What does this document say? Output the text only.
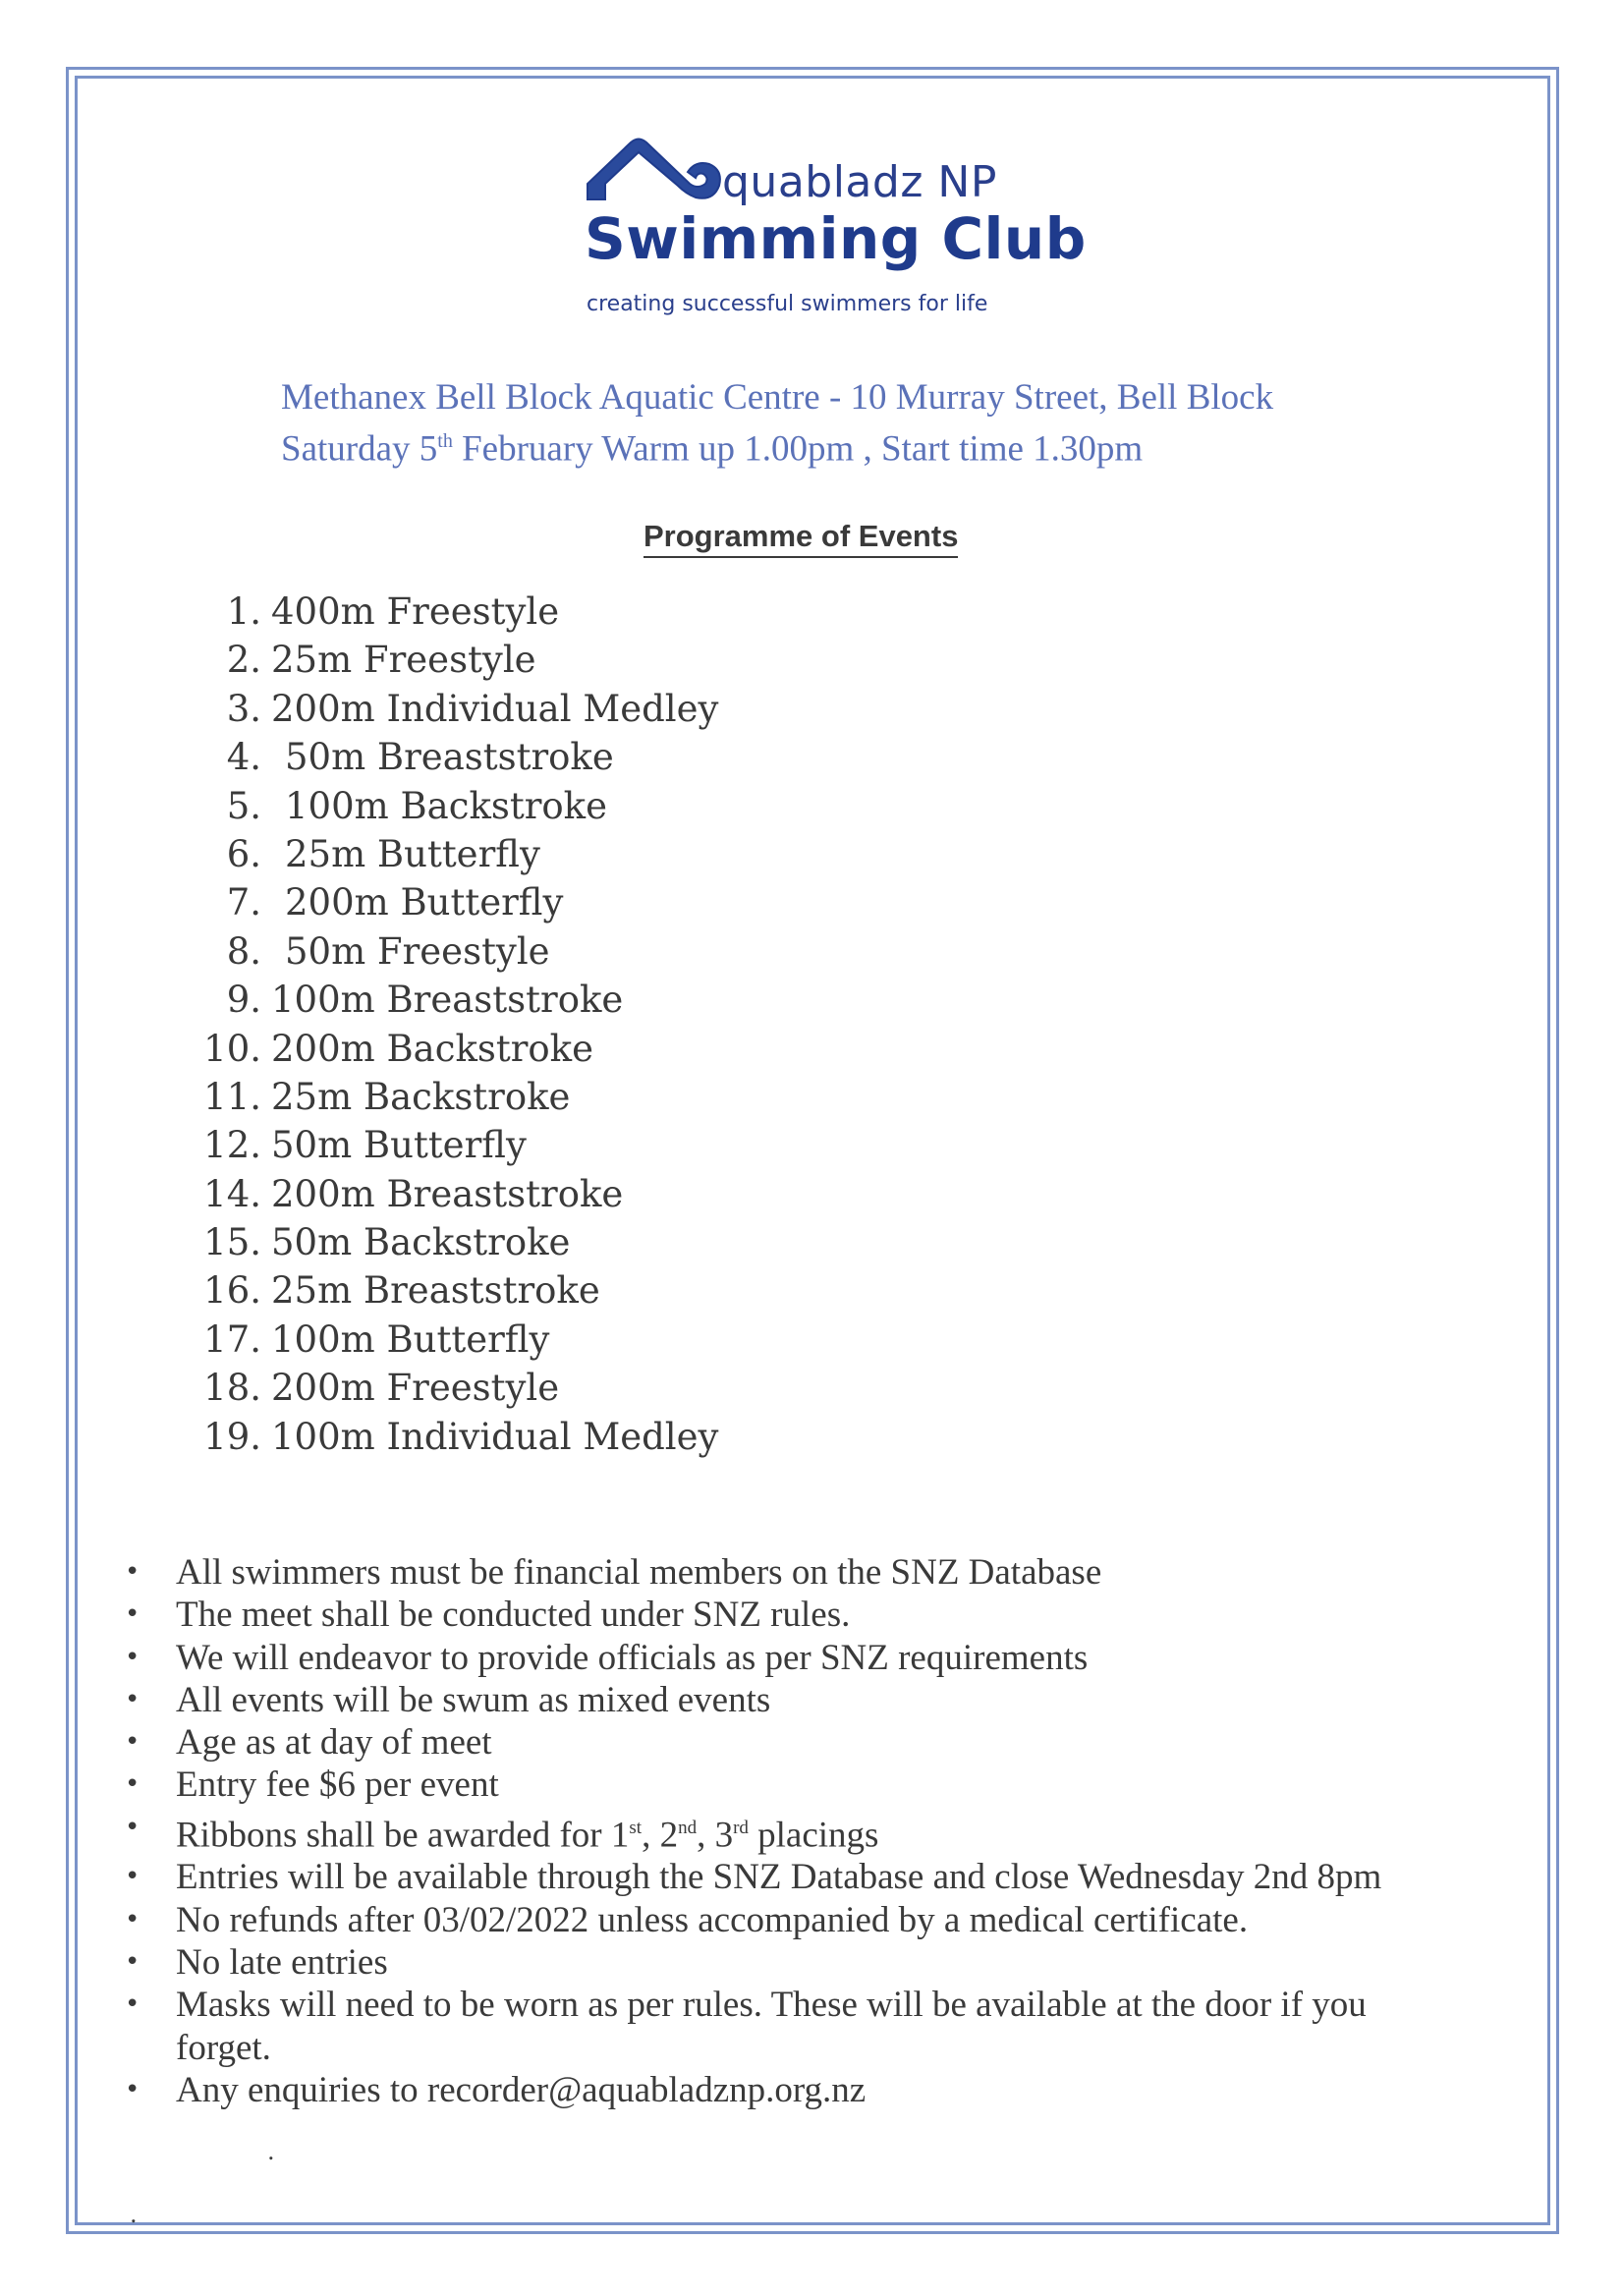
quabladz NP
Swimming Club
creating successful swimmers for life
Methanex Bell Block Aquatic Centre - 10 Murray Street, Bell Block
Saturday 5th February Warm up 1.00pm , Start time 1.30pm
Programme of Events
1. 400m Freestyle
2. 25m Freestyle
3. 200m Individual Medley
4. 50m Breaststroke
5. 100m Backstroke
6. 25m Butterfly
7. 200m Butterfly
8. 50m Freestyle
9. 100m Breaststroke
10. 200m Backstroke
11. 25m Backstroke
12. 50m Butterfly
14. 200m Breaststroke
15. 50m Backstroke
16. 25m Breaststroke
17. 100m Butterfly
18. 200m Freestyle
19. 100m Individual Medley
• All swimmers must be financial members on the SNZ Database
• The meet shall be conducted under SNZ rules.
• We will endeavor to provide officials as per SNZ requirements
• All events will be swum as mixed events
• Age as at day of meet
• Entry fee $6 per event
• Ribbons shall be awarded for 1st, 2nd, 3rd placings
• Entries will be available through the SNZ Database and close Wednesday 2nd 8pm
• No refunds after 03/02/2022 unless accompanied by a medical certificate.
• No late entries
• Masks will need to be worn as per rules. These will be available at the door if you forget.
• Any enquiries to recorder@aquabladznp.org.nz
.
.
